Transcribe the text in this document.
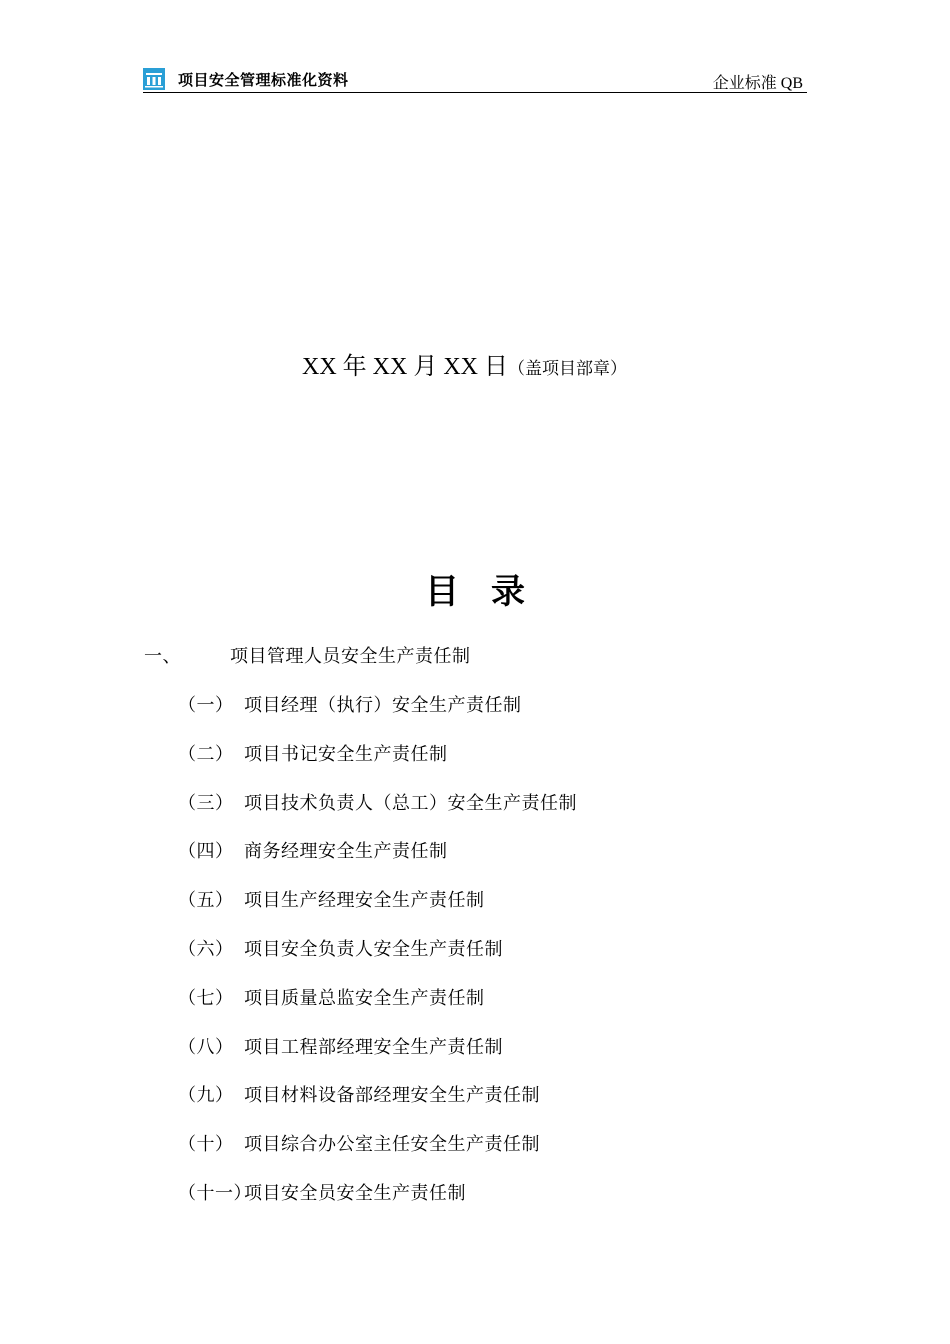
项目安全管理标准化资料	企业标准 QB
XX 年 XX 月 XX 日（盖项目部章）
目录
一、	项目管理人员安全生产责任制
（一） 项目经理（执行）安全生产责任制
（二） 项目书记安全生产责任制
（三） 项目技术负责人（总工）安全生产责任制
（四） 商务经理安全生产责任制
（五） 项目生产经理安全生产责任制
（六） 项目安全负责人安全生产责任制
（七） 项目质量总监安全生产责任制
（八） 项目工程部经理安全生产责任制
（九） 项目材料设备部经理安全生产责任制
（十） 项目综合办公室主任安全生产责任制
（十一）
项目安全员安全生产责任制
